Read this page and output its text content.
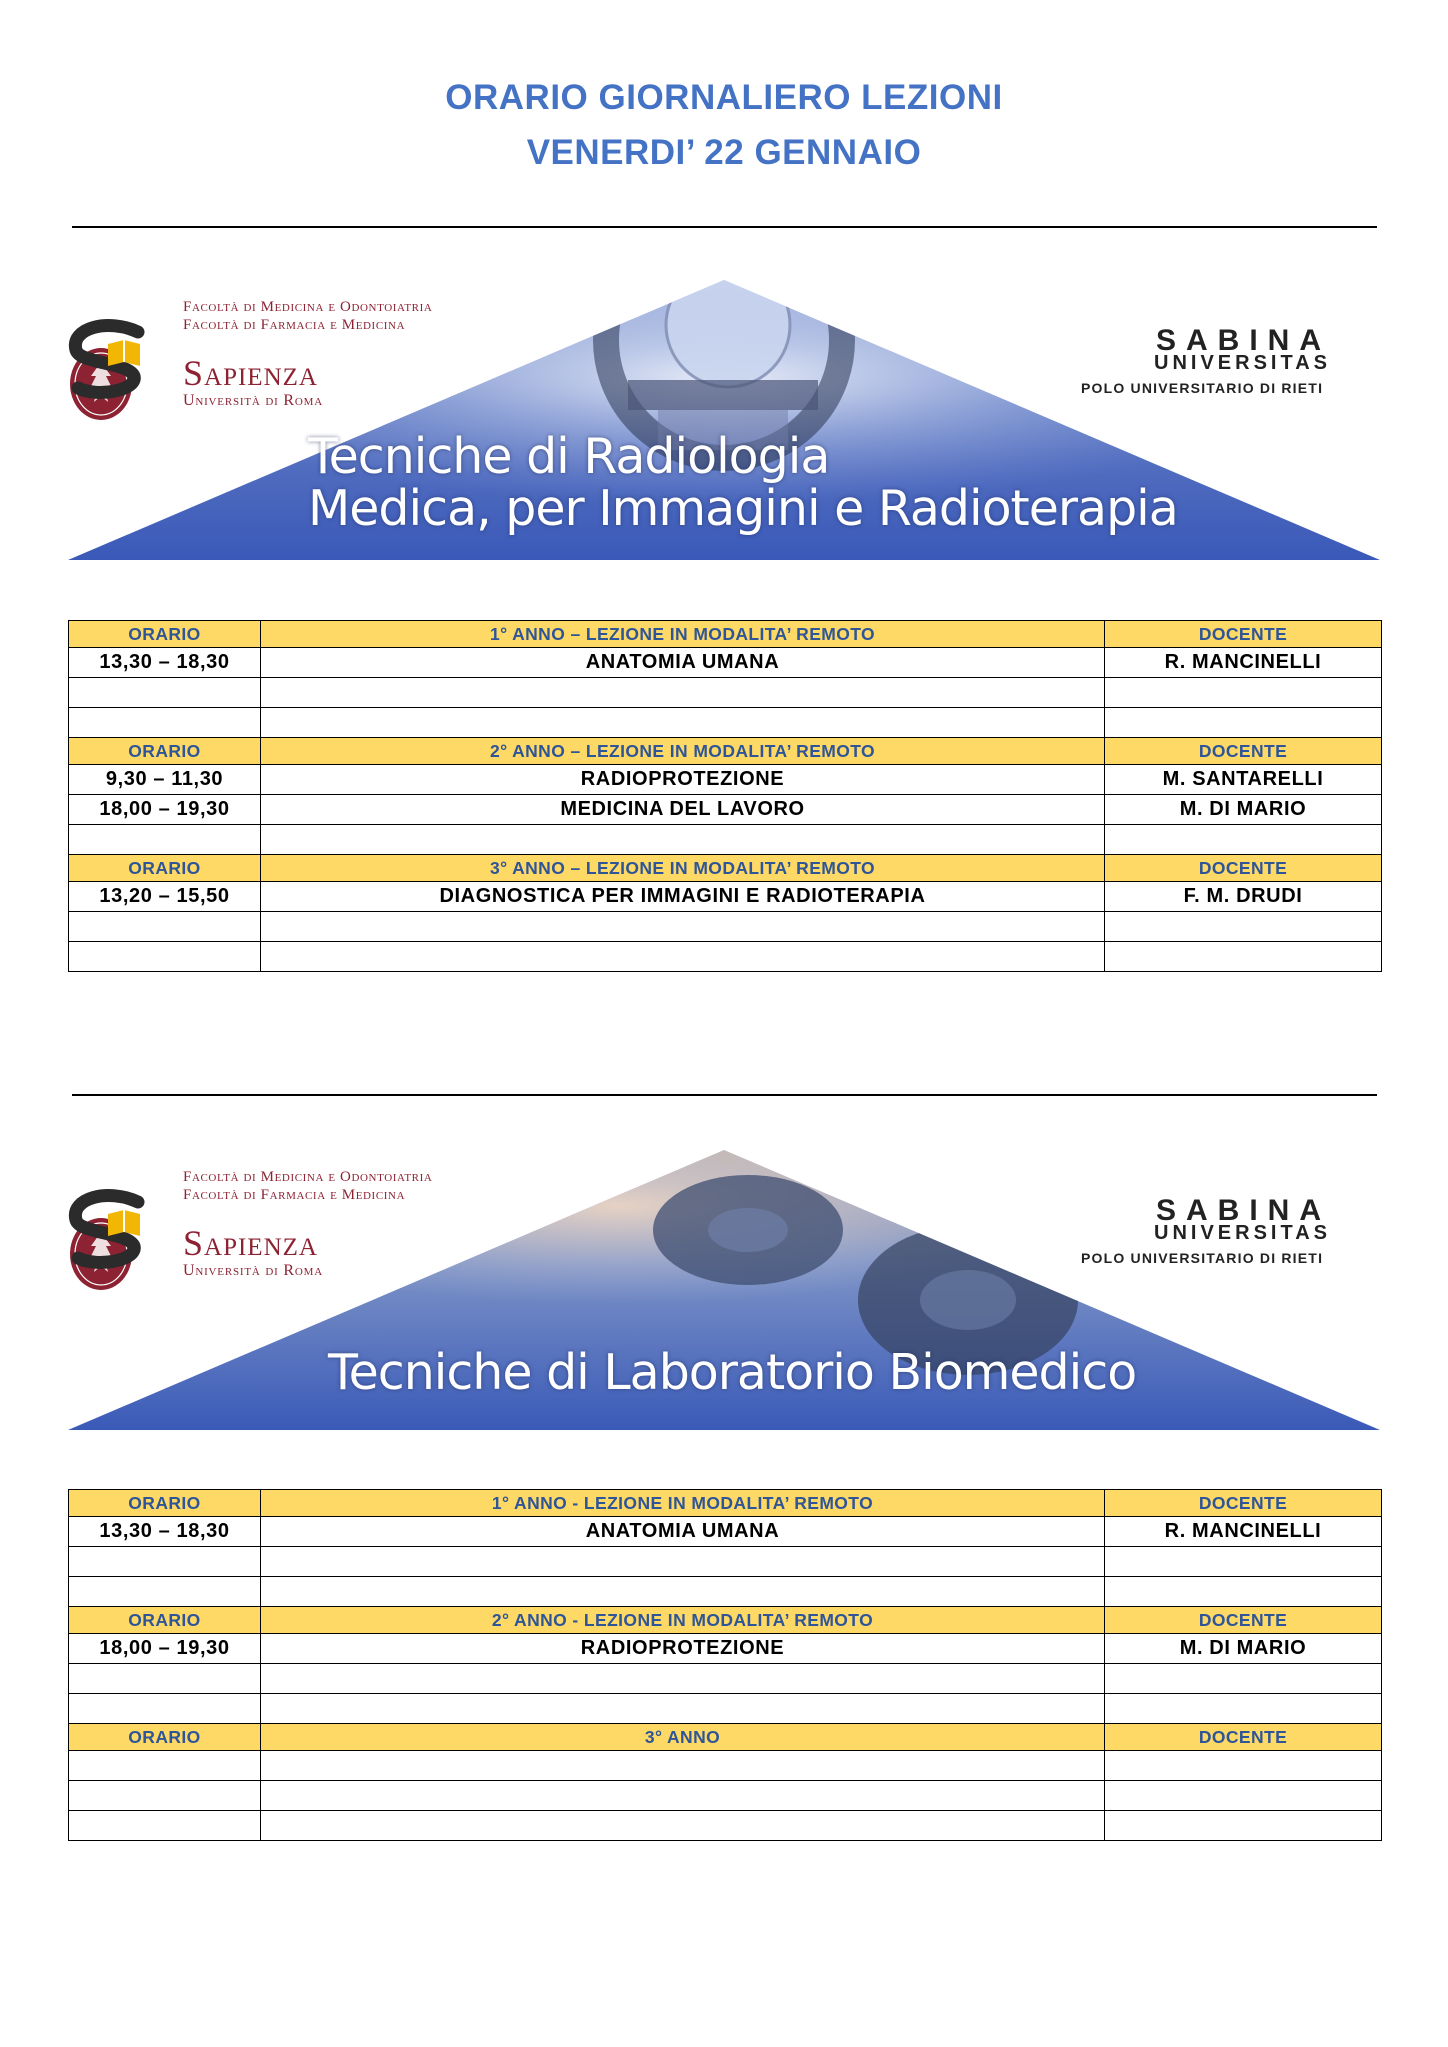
ORARIO GIORNALIERO LEZIONI
VENERDI’ 22 GENNAIO
Facoltà di Medicina e Odontoiatria
Facoltà di Farmacia e Medicina
Sapienza
Università di Roma
SABINA
UNIVERSITAS
POLO UNIVERSITARIO DI RIETI
Tecniche di Radiologia
Medica, per Immagini e Radioterapia
ORARIO	1° ANNO – LEZIONE IN MODALITA’ REMOTO	DOCENTE
13,30 – 18,30	ANATOMIA UMANA	R. MANCINELLI

ORARIO	2° ANNO – LEZIONE IN MODALITA’ REMOTO	DOCENTE
9,30 – 11,30	RADIOPROTEZIONE	M. SANTARELLI
18,00 – 19,30	MEDICINA DEL LAVORO	M. DI MARIO

ORARIO	3° ANNO – LEZIONE IN MODALITA’ REMOTO	DOCENTE
13,20 – 15,50	DIAGNOSTICA PER IMMAGINI E RADIOTERAPIA	F. M. DRUDI

Facoltà di Medicina e Odontoiatria
Facoltà di Farmacia e Medicina
Sapienza
Università di Roma
SABINA
UNIVERSITAS
POLO UNIVERSITARIO DI RIETI
Tecniche di Laboratorio Biomedico
ORARIO	1° ANNO - LEZIONE IN MODALITA’ REMOTO	DOCENTE
13,30 – 18,30	ANATOMIA UMANA	R. MANCINELLI

ORARIO	2° ANNO - LEZIONE IN MODALITA’ REMOTO	DOCENTE
18,00 – 19,30	RADIOPROTEZIONE	M. DI MARIO

ORARIO	3° ANNO	DOCENTE
